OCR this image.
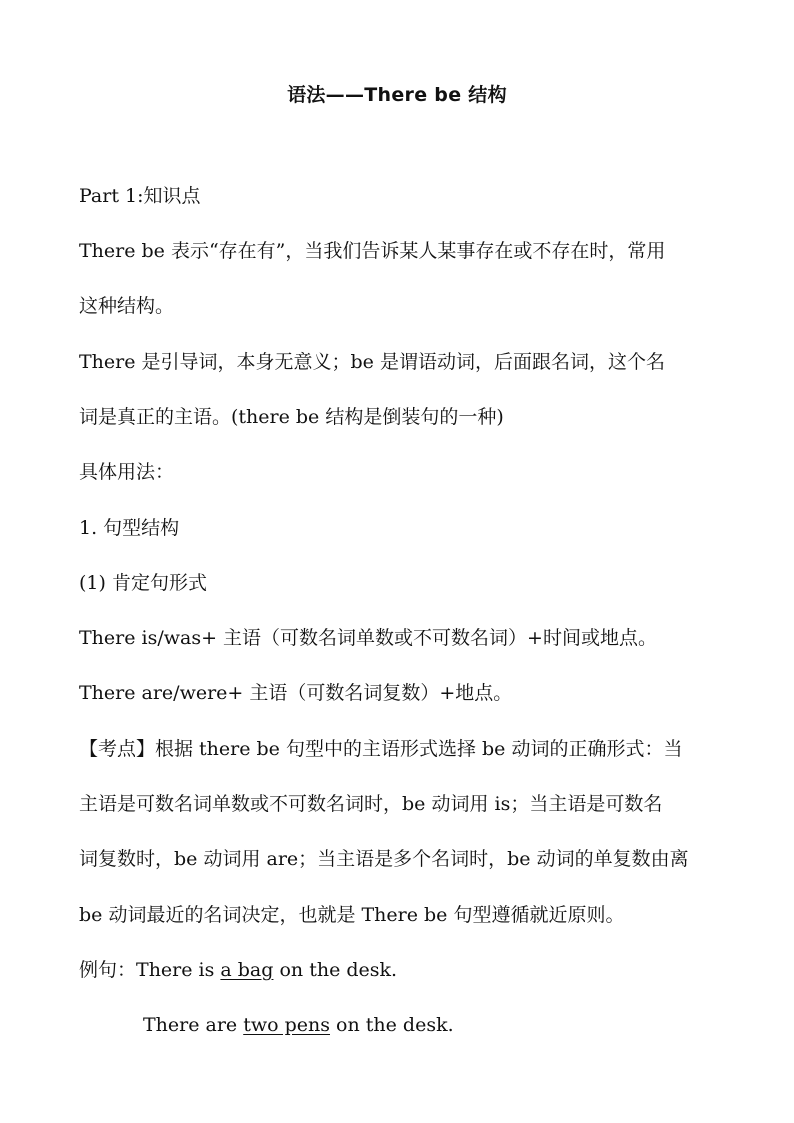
语法——There be 结构
Part 1:知识点
There be 表示“存在有”，当我们告诉某人某事存在或不存在时，常用
这种结构。
There 是引导词，本身无意义；be 是谓语动词，后面跟名词，这个名
词是真正的主语。(there be 结构是倒装句的一种)
具体用法：
1. 句型结构
(1) 肯定句形式
There is/was+ 主语（可数名词单数或不可数名词）+时间或地点。
There are/were+ 主语（可数名词复数）+地点。
【考点】根据 there be 句型中的主语形式选择 be 动词的正确形式：当
主语是可数名词单数或不可数名词时，be 动词用 is；当主语是可数名
词复数时，be 动词用 are；当主语是多个名词时，be 动词的单复数由离
be 动词最近的名词决定，也就是 There be 句型遵循就近原则。
例句：There is a bag on the desk.
There are two pens on the desk.
